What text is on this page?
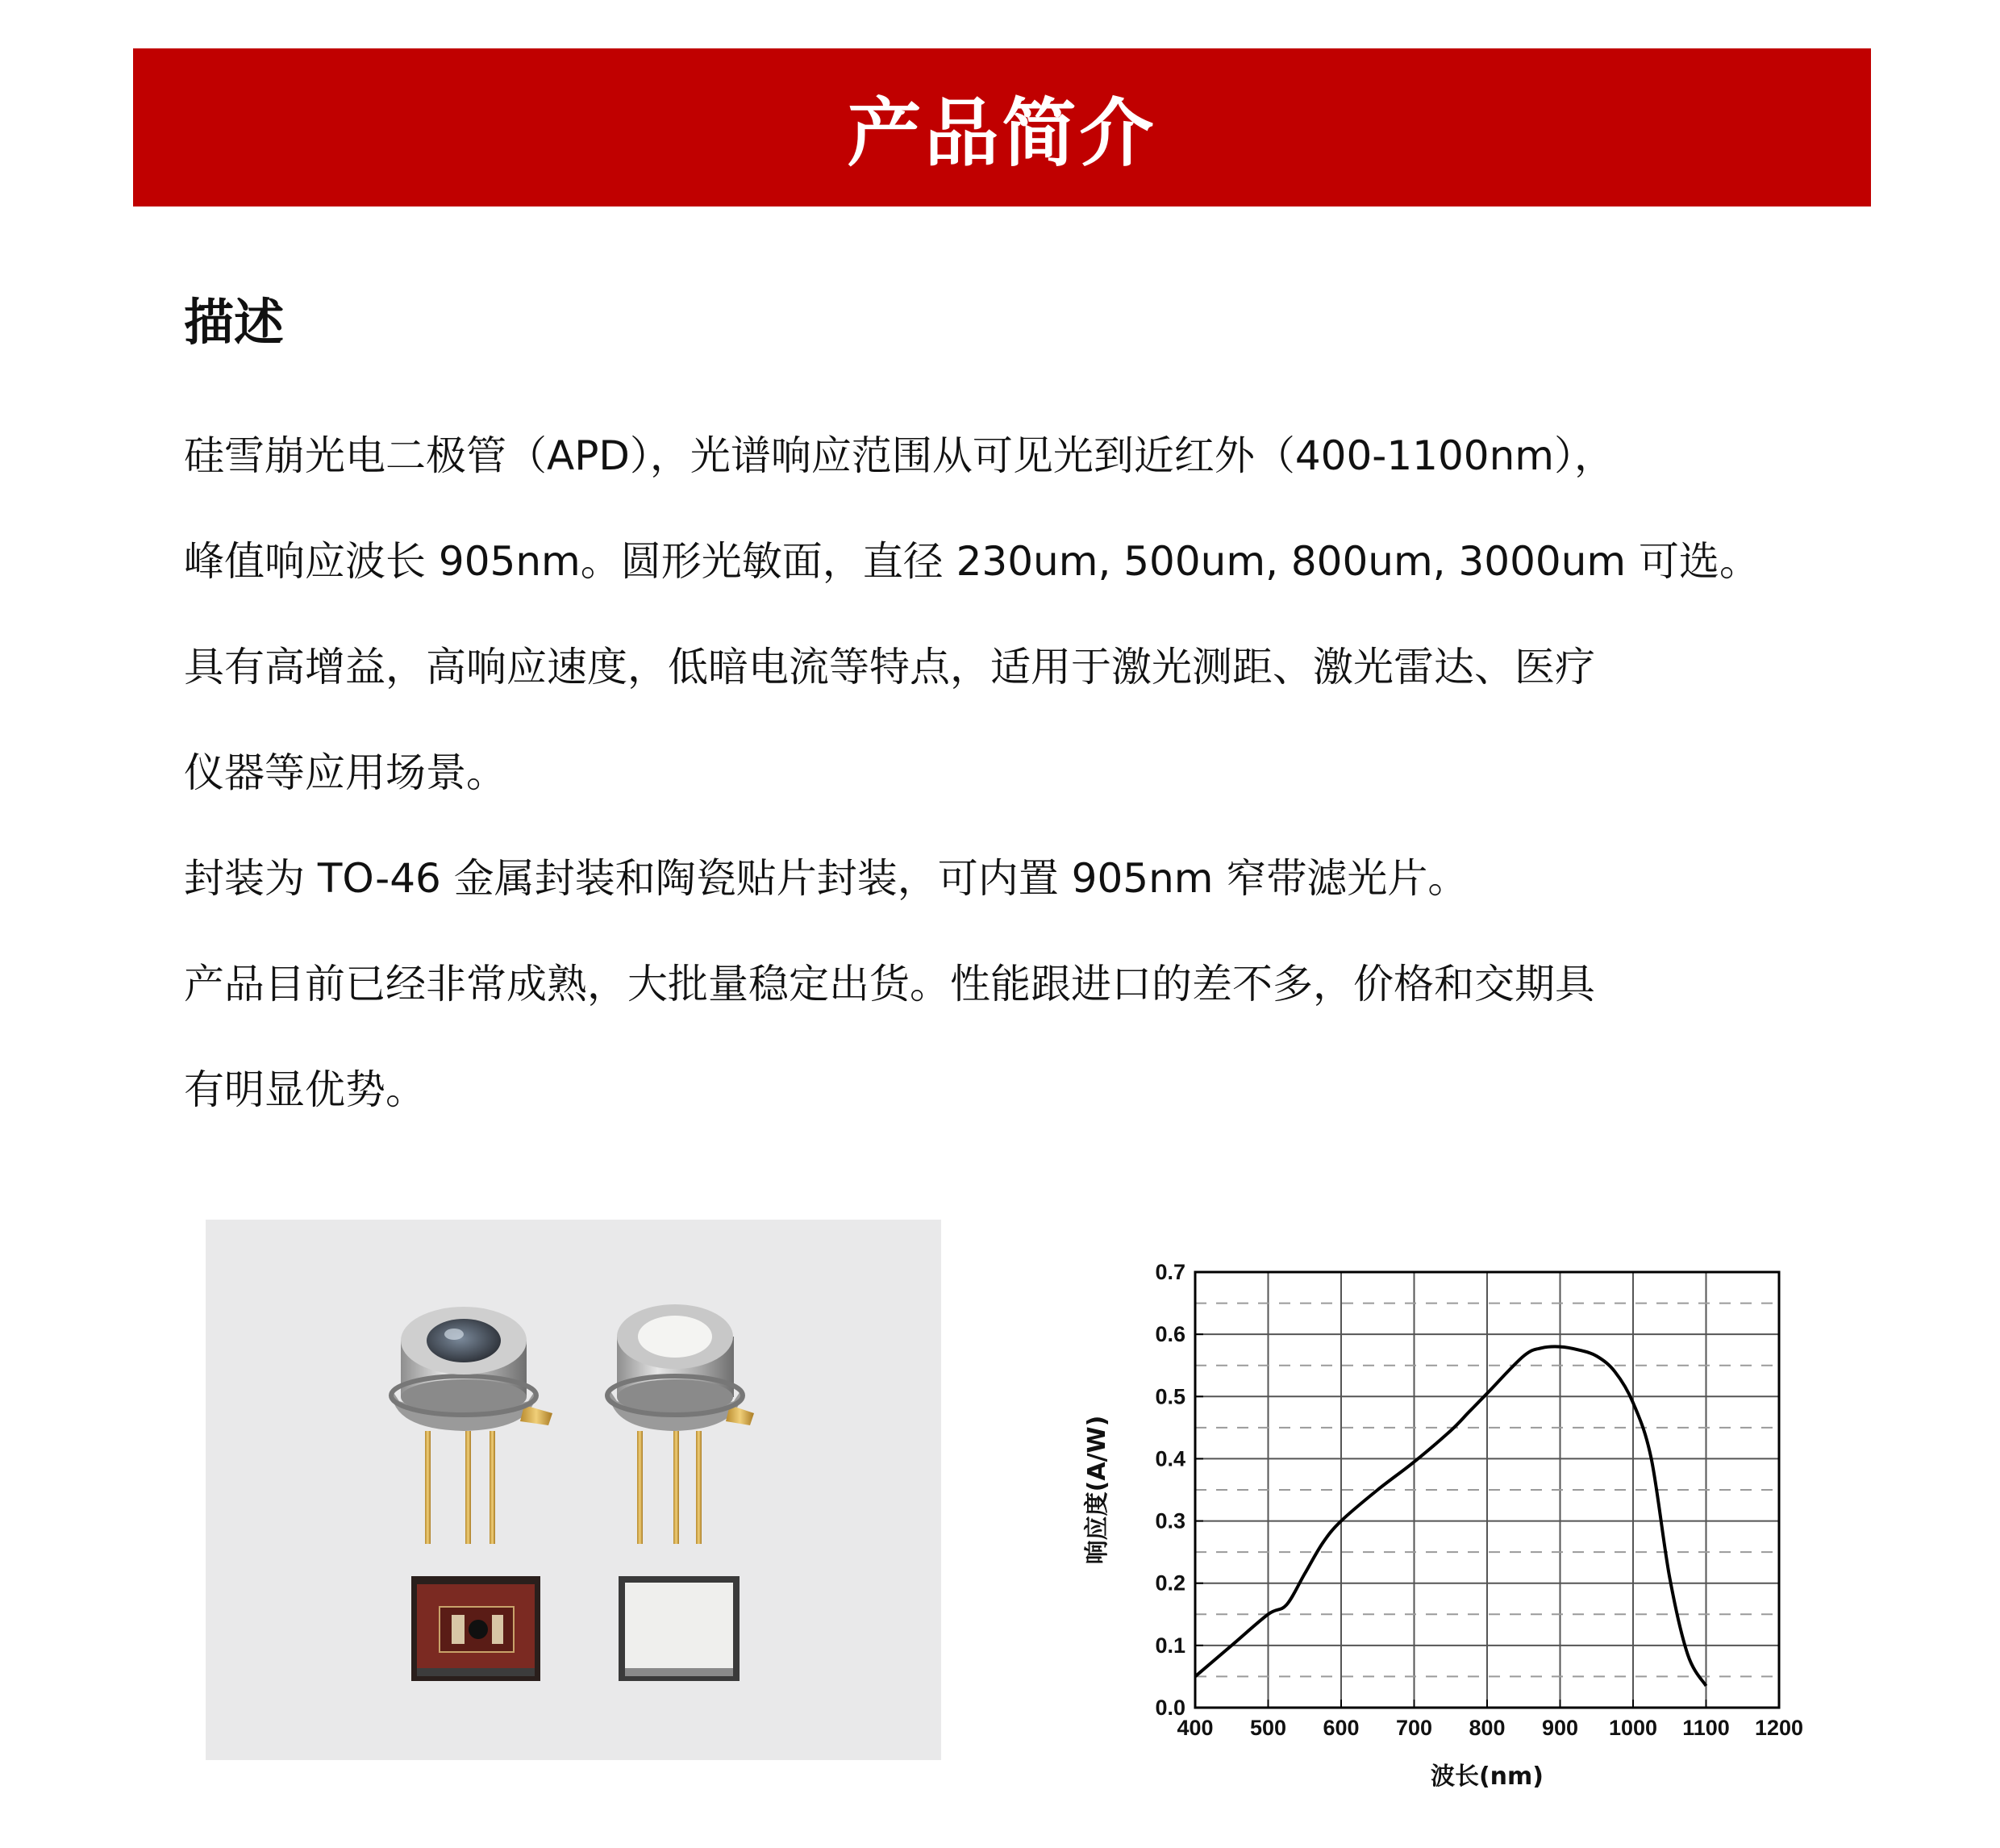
产品简介
描述

硅雪崩光电二极管（APD），光谱响应范围从可见光到近红外（400-1100nm），

峰值响应波长 905nm。圆形光敏面，直径 230um, 500um, 800um, 3000um 可选。

具有高增益，高响应速度，低暗电流等特点，适用于激光测距、激光雷达、医疗

仪器等应用场景。

封装为 TO-46 金属封装和陶瓷贴片封装，可内置 905nm 窄带滤光片。

产品目前已经非常成熟，大批量稳定出货。性能跟进口的差不多，价格和交期具

有明显优势。

400 500 600 700 800 900 1000 1100 1200
0.0
0.1
0.2
0.3
0.4
0.5
0.6
0.7
波长(nm)
响应度(A/W)
